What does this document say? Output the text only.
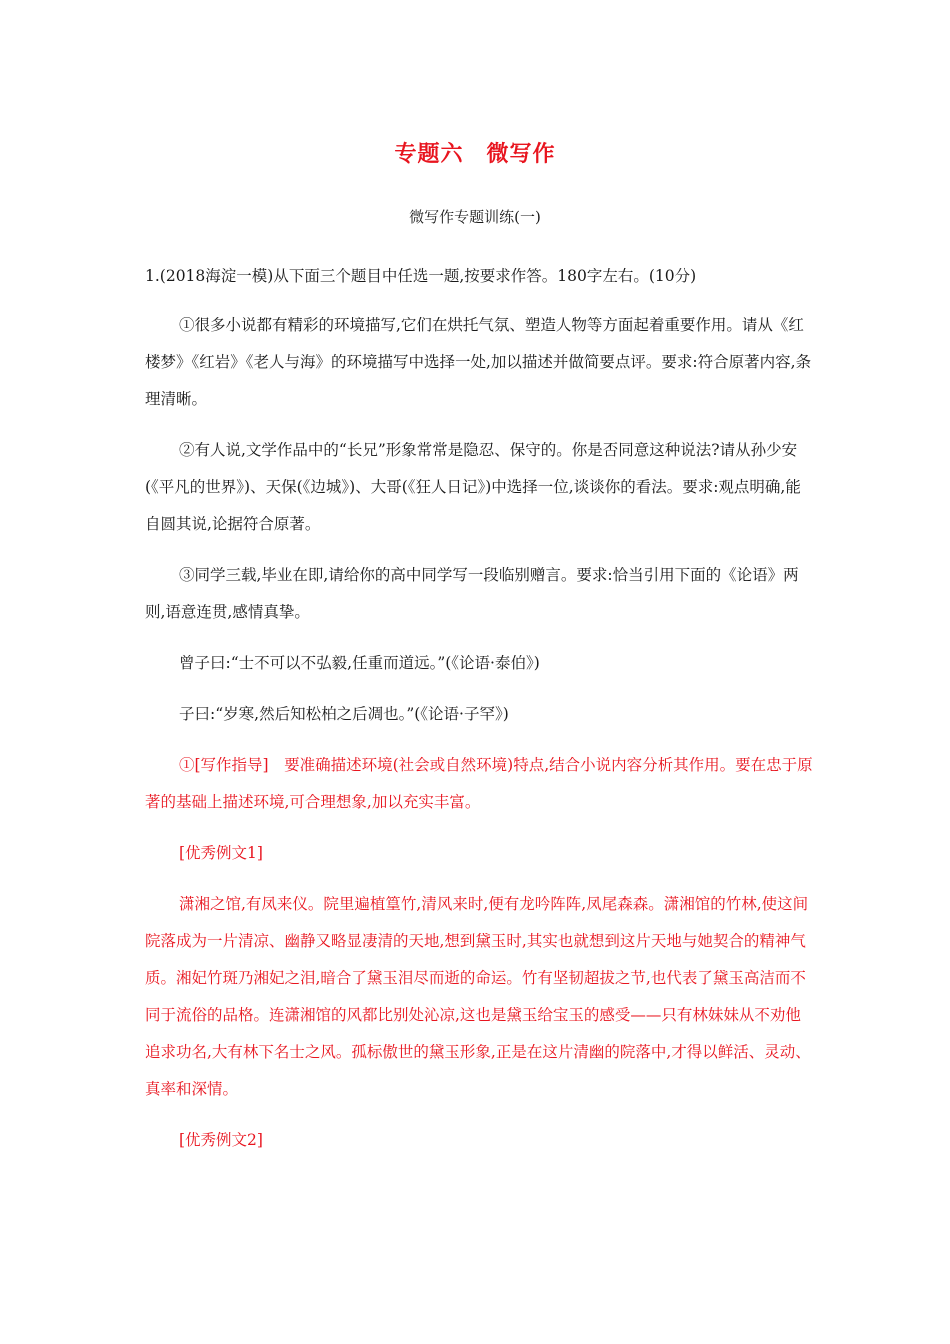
专题六　微写作
微写作专题训练(一)

1.(2018海淀一模)从下面三个题目中任选一题,按要求作答。180字左右。(10分)

①很多小说都有精彩的环境描写,它们在烘托气氛、塑造人物等方面起着重要作用。请从《红楼梦》《红岩》《老人与海》的环境描写中选择一处,加以描述并做简要点评。要求:符合原著内容,条理清晰。

②有人说,文学作品中的“长兄”形象常常是隐忍、保守的。你是否同意这种说法?请从孙少安(《平凡的世界》)、天保(《边城》)、大哥(《狂人日记》)中选择一位,谈谈你的看法。要求:观点明确,能自圆其说,论据符合原著。

③同学三载,毕业在即,请给你的高中同学写一段临别赠言。要求:恰当引用下面的《论语》两则,语意连贯,感情真挚。

曾子曰:“士不可以不弘毅,任重而道远。”(《论语·泰伯》)

子曰:“岁寒,然后知松柏之后凋也。”(《论语·子罕》)

①[写作指导]　要准确描述环境(社会或自然环境)特点,结合小说内容分析其作用。要在忠于原著的基础上描述环境,可合理想象,加以充实丰富。

[优秀例文1]

潇湘之馆,有凤来仪。院里遍植篁竹,清风来时,便有龙吟阵阵,凤尾森森。潇湘馆的竹林,使这间院落成为一片清凉、幽静又略显凄清的天地,想到黛玉时,其实也就想到这片天地与她契合的精神气质。湘妃竹斑乃湘妃之泪,暗合了黛玉泪尽而逝的命运。竹有坚韧超拔之节,也代表了黛玉高洁而不同于流俗的品格。连潇湘馆的风都比别处沁凉,这也是黛玉给宝玉的感受——只有林妹妹从不劝他追求功名,大有林下名士之风。孤标傲世的黛玉形象,正是在这片清幽的院落中,才得以鲜活、灵动、真率和深情。

[优秀例文2]
